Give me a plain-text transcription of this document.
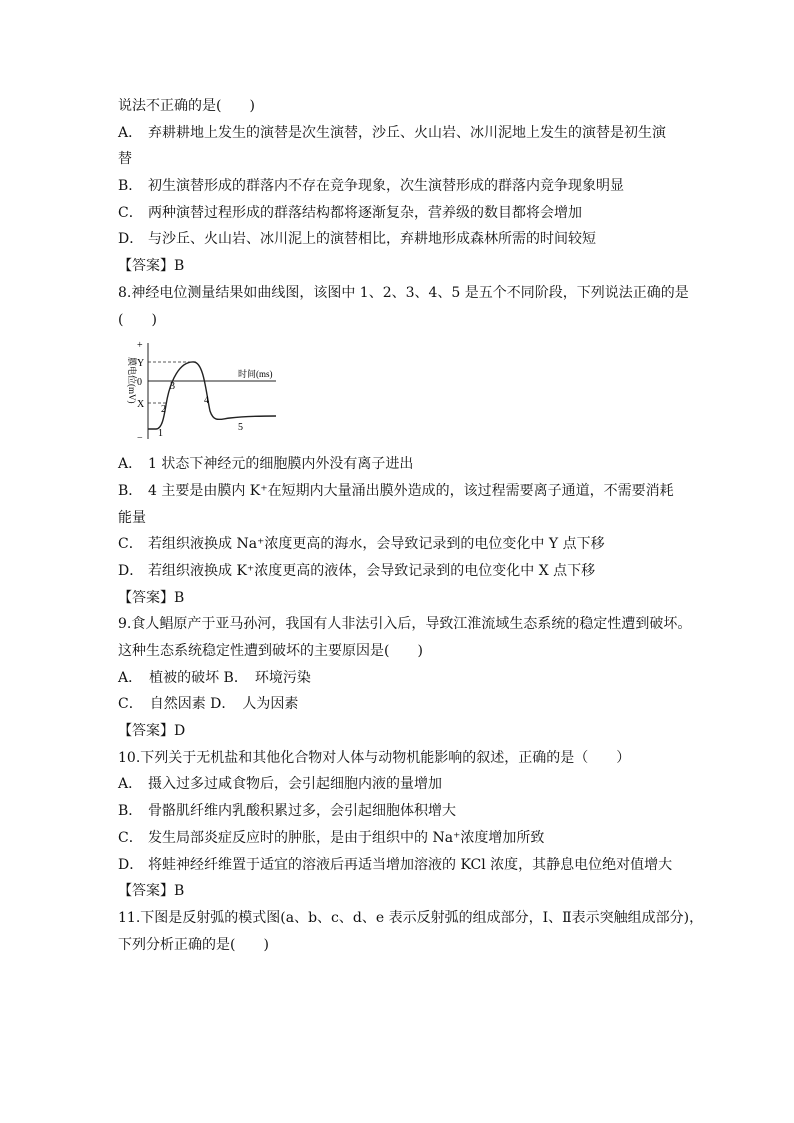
说法不正确的是(　　)
A． 弃耕耕地上发生的演替是次生演替，沙丘、火山岩、冰川泥地上发生的演替是初生演
替
B． 初生演替形成的群落内不存在竞争现象，次生演替形成的群落内竞争现象明显
C． 两种演替过程形成的群落结构都将逐渐复杂，营养级的数目都将会增加
D． 与沙丘、火山岩、冰川泥上的演替相比，弃耕地形成森林所需的时间较短
【答案】B
8.神经电位测量结果如曲线图，该图中 1、2、3、4、5 是五个不同阶段，下列说法正确的是
(　　)
+
Y
0
X
− 1
2
3
4
5
时间(ms)
膜电位(mV)
A． 1 状态下神经元的细胞膜内外没有离子进出
B． 4 主要是由膜内 K⁺在短期内大量涌出膜外造成的，该过程需要离子通道，不需要消耗
能量
C． 若组织液换成 Na⁺浓度更高的海水，会导致记录到的电位变化中 Y 点下移
D． 若组织液换成 K⁺浓度更高的液体，会导致记录到的电位变化中 X 点下移
【答案】B
9.食人鲳原产于亚马孙河，我国有人非法引入后，导致江淮流域生态系统的稳定性遭到破坏。
这种生态系统稳定性遭到破坏的主要原因是(　　)
A．　植被的破坏 B．　环境污染
C．　自然因素 D．　人为因素
【答案】D
10.下列关于无机盐和其他化合物对人体与动物机能影响的叙述，正确的是（　　）
A． 摄入过多过咸食物后，会引起细胞内液的量增加
B． 骨骼肌纤维内乳酸积累过多，会引起细胞体积增大
C． 发生局部炎症反应时的肿胀，是由于组织中的 Na⁺浓度增加所致
D． 将蛙神经纤维置于适宜的溶液后再适当增加溶液的 KCl 浓度，其静息电位绝对值增大
【答案】B
11.下图是反射弧的模式图(a、b、c、d、e 表示反射弧的组成部分，Ⅰ、Ⅱ表示突触组成部分)，
下列分析正确的是(　　)
